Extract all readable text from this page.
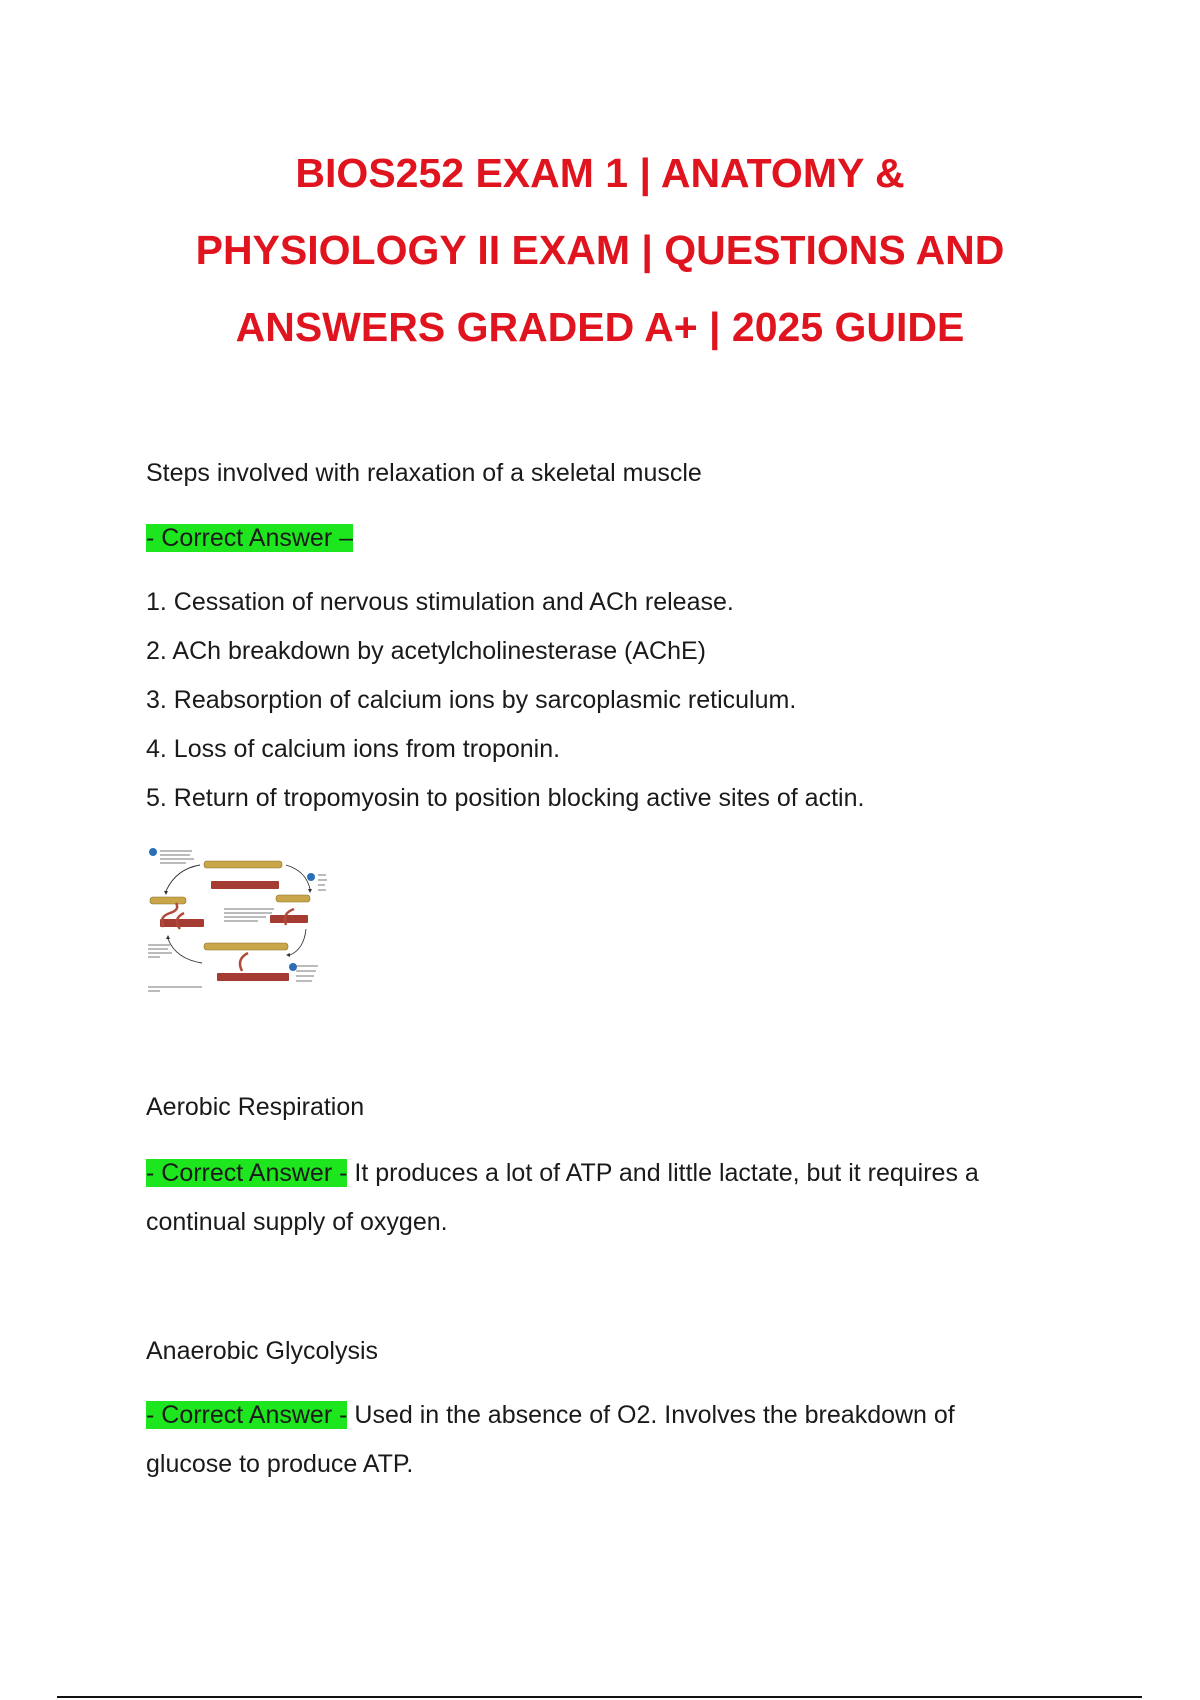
BIOS252 EXAM 1 | ANATOMY &
PHYSIOLOGY II EXAM | QUESTIONS AND
ANSWERS GRADED A+ | 2025 GUIDE
Steps involved with relaxation of a skeletal muscle
- Correct Answer –
1. Cessation of nervous stimulation and ACh release.
2. ACh breakdown by acetylcholinesterase (AChE)
3. Reabsorption of calcium ions by sarcoplasmic reticulum.
4. Loss of calcium ions from troponin.
5. Return of tropomyosin to position blocking active sites of actin.
Aerobic Respiration
- Correct Answer - It produces a lot of ATP and little lactate, but it requires a continual supply of oxygen.
Anaerobic Glycolysis
- Correct Answer - Used in the absence of O2. Involves the breakdown of glucose to produce ATP.
